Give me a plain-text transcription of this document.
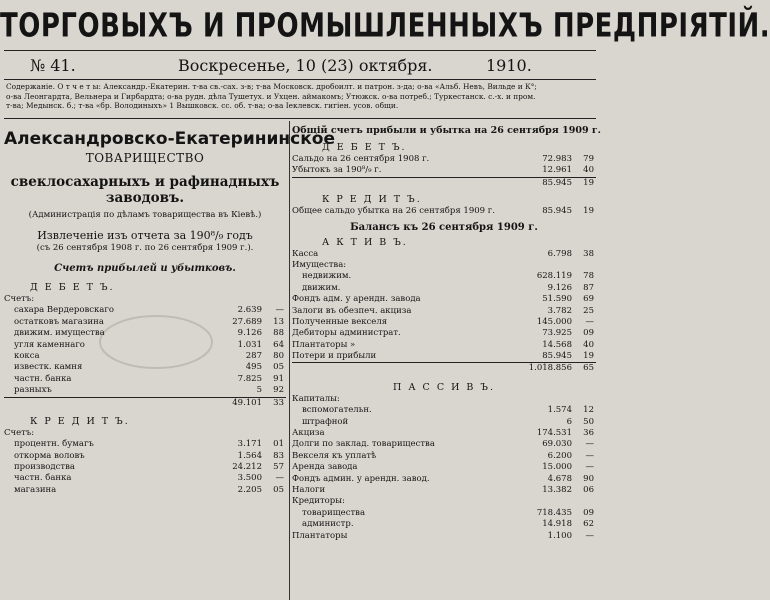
ТОРГОВЫХЪ И ПРОМЫШЛЕННЫХЪ ПРЕДПРІЯТІЙ.
№ 41.	Воскресенье, 10 (23) октября.	1910.
Содержаніе. О т ч е т ы: Александр.-Екатерин. т-ва св.-сах. з-в; т-ва Московск. дробоилт. и патрон. з-да; о-ва «Альб. Невъ, Вильде и К°;
о-ва Леонгардта, Вельнера и Гирбардта; о-ва рудн. дѣла Тушетух. и Ухцен. аймакомъ; Утюжск. о-ва потреб.; Туркестанск. с.-х. и пром.
т-ва; Медынск. б.; т-ва «бр. Володиныхъ» 1 Вышковск. сс. об. т-ва; о-ва Іеклевск. гигіен. усов. общи.
Александровско-Екатерининское
ТОВАРИЩЕСТВО
свеклосахарныхъ и рафинадныхъ
заводовъ.
(Администрація по дѣламъ товарищества въ Кіевѣ.)
Извлеченіе изъ отчета за 190⁸/₉ годъ
(съ 26 сентября 1908 г. по 26 сентября 1909 г.).
Счетъ прибылей и убытковъ.
Д Е Б Е Т Ъ.
Счетъ:
сахара Вердеровскаго	2.639 —
остатковъ магазина	27.689 13
движим. имущества	9.126 88
угля каменнаго	1.031 64
кокса	287 80
известк. камня	495 05
частн. банка	7.825 91
разныхъ	5 92
49.101 33
К Р Е Д И Т Ъ.
Счетъ:
процентн. бумагъ	3.171 01
откорма воловъ	1.564 83
производства	24.212 57
частн. банка	3.500 —
магазина	2.205 05
Общій счетъ прибыли и убытка на 26 сентября 1909 г.
Д Е Б Е Т Ъ.
Сальдо на 26 сентября 1908 г.	72.983 79
Убытокъ за 190⁸/₉ г.	12.961 40
85.945 19
К Р Е Д И Т Ъ.
Общее сальдо убытка на 26 сентября 1909 г.	85.945 19
Балансъ къ 26 сентября 1909 г.
А К Т И В Ъ.
Касса	6.798 38
Имущества:
недвижим.	628.119 78
движим.	9.126 87
Фондъ адм. у арендн. завода	51.590 69
Залоги въ обезпеч. акциза	3.782 25
Полученные векселя	145.000 —
Дебиторы администрат.	73.925 09
Плантаторы »	14.568 40
Потери и прибыли	85.945 19
1.018.856 65
П А С С И В Ъ.
Капиталы:
вспомогательн.	1.574 12
штрафной	6 50
Акциза	174.531 36
Долги по заклад. товарищества	69.030 —
Векселя къ уплатѣ	6.200 —
Аренда завода	15.000 —
Фондъ админ. у арендн. завод.	4.678 90
Налоги	13.382 06
Кредиторы:
товарищества	718.435 09
администр.	14.918 62
Плантаторы	1.100 —
